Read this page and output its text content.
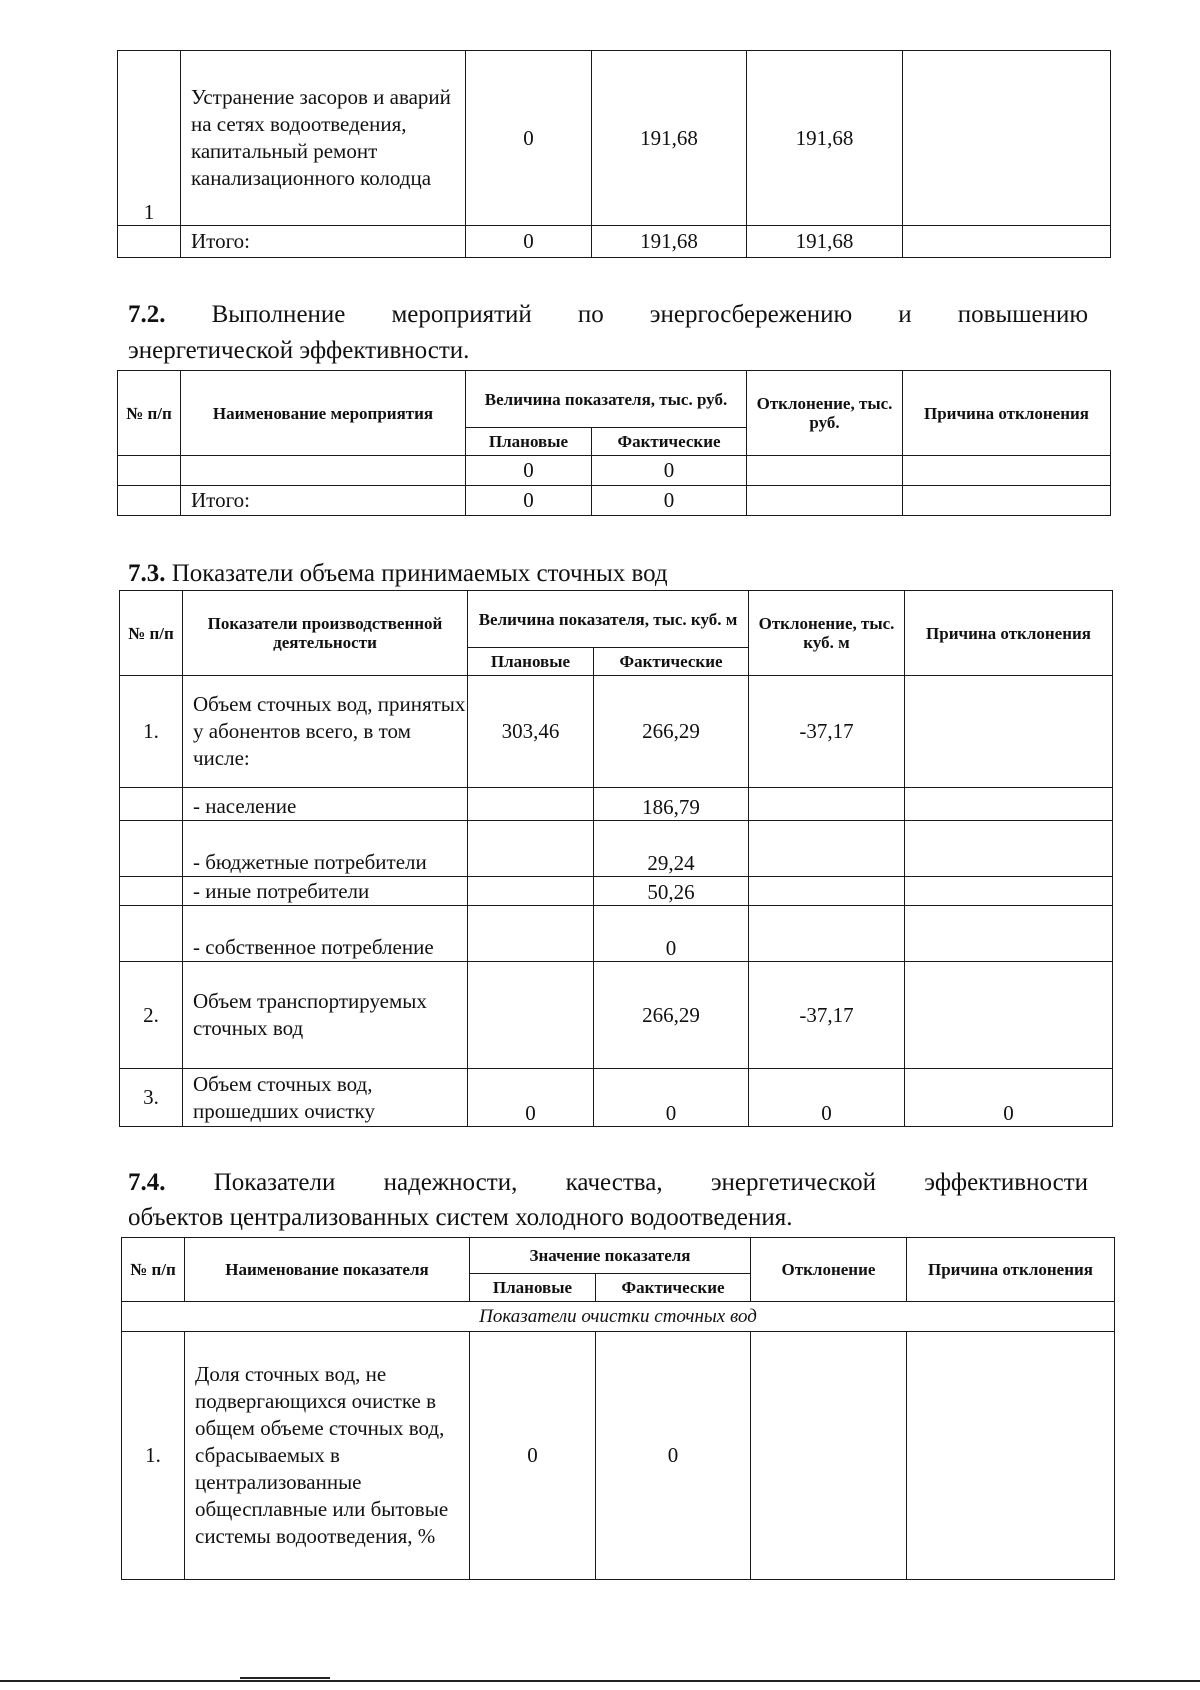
1	Устранение засоров и аварий на сетях водоотведения, капитальный ремонт канализационного колодца	0	191,68	191,68	
	Итого:	0	191,68	191,68	
7.2. Выполнение мероприятий по энергосбережению и повышению
энергетической эффективности.
№ п/п	Наименование мероприятия	Величина показателя, тыс. руб.		Отклонение, тыс. руб.	Причина отклонения
		Плановые	Фактические		
		0	0		
	Итого:	0	0		
7.3. Показатели объема принимаемых сточных вод
№ п/п	Показатели производственной деятельности	Величина показателя, тыс. куб. м		Отклонение, тыс. куб. м	Причина отклонения
		Плановые	Фактические		
1.	Объем сточных вод, принятых у абонентов всего, в том числе:	303,46	266,29	-37,17	
	- население		186,79		
	- бюджетные потребители		29,24		
	- иные потребители		50,26		
	- собственное потребление		0		
2.	Объем транспортируемых сточных вод		266,29	-37,17	
3.	Объем сточных вод, прошедших очистку	0	0	0	0
7.4. Показатели надежности, качества, энергетической эффективности
объектов централизованных систем холодного водоотведения.
№ п/п	Наименование показателя	Значение показателя		Отклонение	Причина отклонения
		Плановые	Фактические		
Показатели очистки сточных вод					
1.	Доля сточных вод, не подвергающихся очистке в общем объеме сточных вод, сбрасываемых в централизованные общесплавные или бытовые системы водоотведения, %	0	0		
